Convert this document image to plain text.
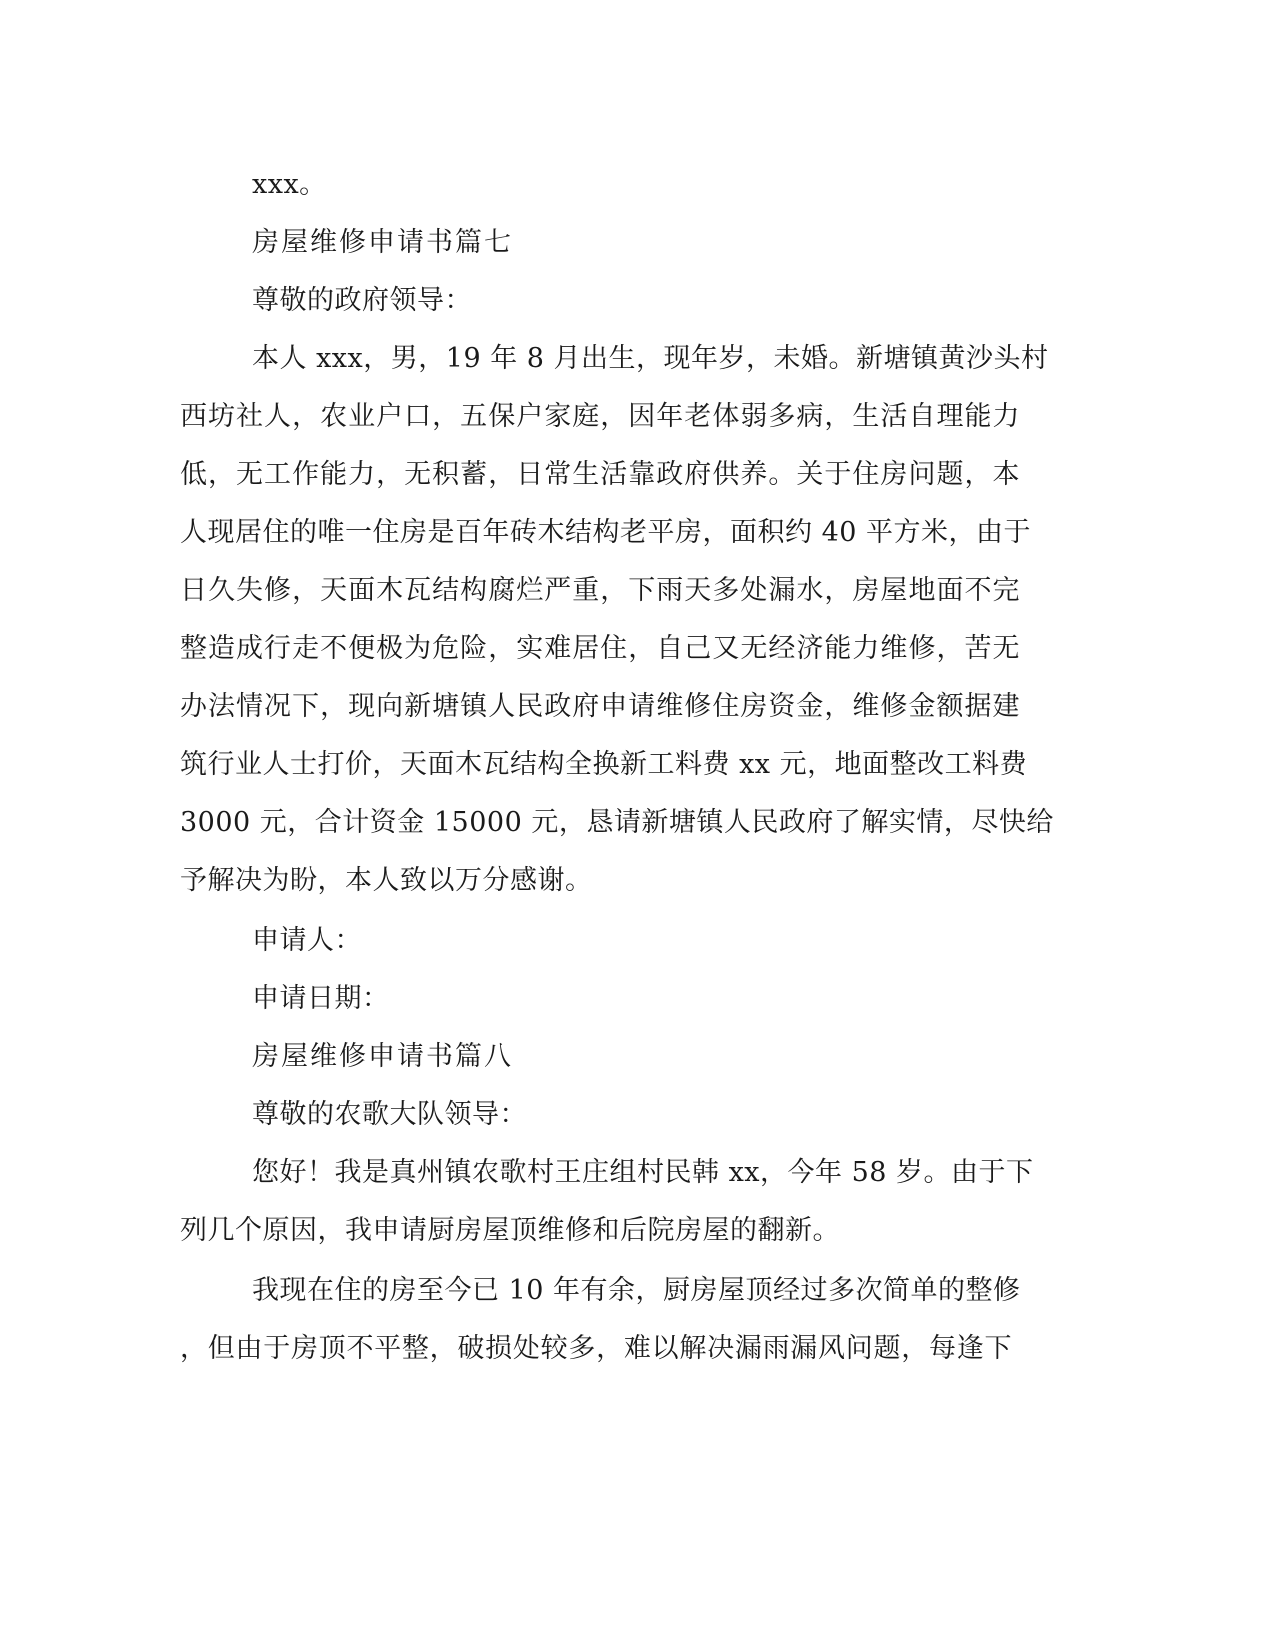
xxx。
房屋维修申请书篇七
尊敬的政府领导：
本人 xxx，男，19 年 8 月出生，现年岁，未婚。新塘镇黄沙头村
西坊社人，农业户口，五保户家庭，因年老体弱多病，生活自理能力
低，无工作能力，无积蓄，日常生活靠政府供养。关于住房问题，本
人现居住的唯一住房是百年砖木结构老平房，面积约 40 平方米，由于
日久失修，天面木瓦结构腐烂严重，下雨天多处漏水，房屋地面不完
整造成行走不便极为危险，实难居住，自己又无经济能力维修，苦无
办法情况下，现向新塘镇人民政府申请维修住房资金，维修金额据建
筑行业人士打价，天面木瓦结构全换新工料费 xx 元，地面整改工料费
3000 元，合计资金 15000 元，恳请新塘镇人民政府了解实情，尽快给
予解决为盼，本人致以万分感谢。
申请人：
申请日期：
房屋维修申请书篇八
尊敬的农歌大队领导：
您好！我是真州镇农歌村王庄组村民韩 xx，今年 58 岁。由于下
列几个原因，我申请厨房屋顶维修和后院房屋的翻新。
我现在住的房至今已 10 年有余，厨房屋顶经过多次简单的整修
，但由于房顶不平整，破损处较多，难以解决漏雨漏风问题，每逢下
